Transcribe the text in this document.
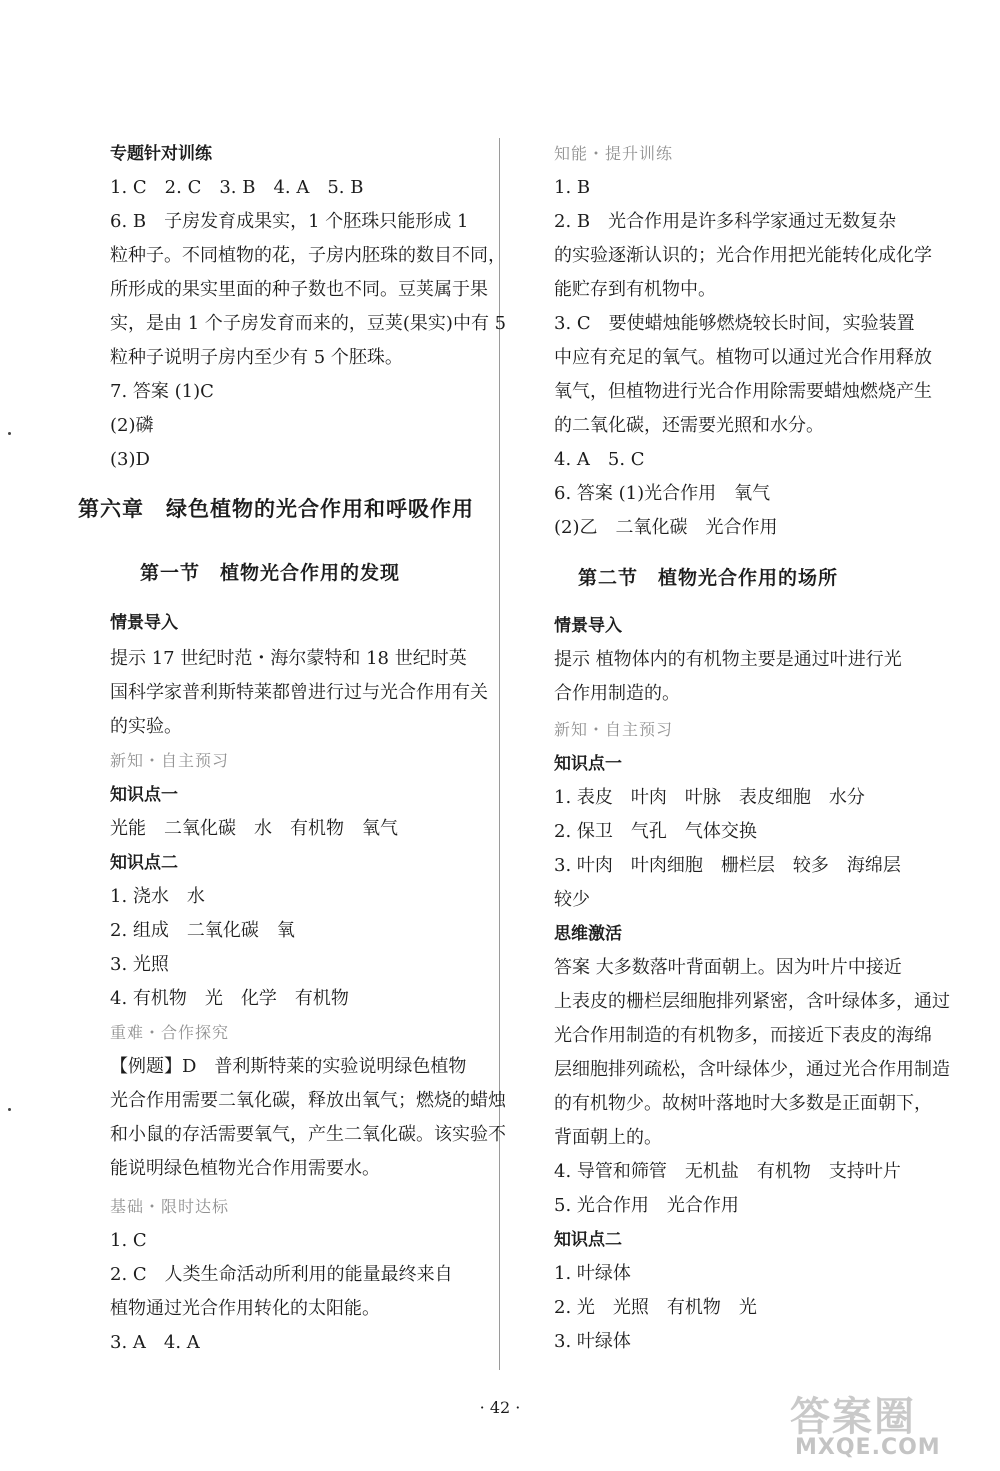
专题针对训练
1. C　2. C　3. B　4. A　5. B
6. B　子房发育成果实，1 个胚珠只能形成 1
粒种子。不同植物的花，子房内胚珠的数目不同，
所形成的果实里面的种子数也不同。豆荚属于果
实，是由 1 个子房发育而来的，豆荚(果实)中有 5
粒种子说明子房内至少有 5 个胚珠。
7. 答案 (1)C
(2)磷
(3)D
第六章　绿色植物的光合作用和呼吸作用
第一节　植物光合作用的发现
情景导入
提示 17 世纪时范・海尔蒙特和 18 世纪时英
国科学家普利斯特莱都曾进行过与光合作用有关
的实验。
新知・自主预习
知识点一
光能　二氧化碳　水　有机物　氧气
知识点二
1. 浇水　水
2. 组成　二氧化碳　氧
3. 光照
4. 有机物　光　化学　有机物
重难・合作探究
【例题】D　普利斯特莱的实验说明绿色植物
光合作用需要二氧化碳，释放出氧气；燃烧的蜡烛
和小鼠的存活需要氧气，产生二氧化碳。该实验不
能说明绿色植物光合作用需要水。
基础・限时达标
1. C
2. C　人类生命活动所利用的能量最终来自
植物通过光合作用转化的太阳能。
3. A　4. A
知能・提升训练
1. B
2. B　光合作用是许多科学家通过无数复杂
的实验逐渐认识的；光合作用把光能转化成化学
能贮存到有机物中。
3. C　要使蜡烛能够燃烧较长时间，实验装置
中应有充足的氧气。植物可以通过光合作用释放
氧气，但植物进行光合作用除需要蜡烛燃烧产生
的二氧化碳，还需要光照和水分。
4. A　5. C
6. 答案 (1)光合作用　氧气
(2)乙　二氧化碳　光合作用
第二节　植物光合作用的场所
情景导入
提示 植物体内的有机物主要是通过叶进行光
合作用制造的。
新知・自主预习
知识点一
1. 表皮　叶肉　叶脉　表皮细胞　水分
2. 保卫　气孔　气体交换
3. 叶肉　叶肉细胞　栅栏层　较多　海绵层
较少
思维激活
答案 大多数落叶背面朝上。因为叶片中接近
上表皮的栅栏层细胞排列紧密，含叶绿体多，通过
光合作用制造的有机物多，而接近下表皮的海绵
层细胞排列疏松，含叶绿体少，通过光合作用制造
的有机物少。故树叶落地时大多数是正面朝下，
背面朝上的。
4. 导管和筛管　无机盐　有机物　支持叶片
5. 光合作用　光合作用
知识点二
1. 叶绿体
2. 光　光照　有机物　光
3. 叶绿体
· 42 ·	答案圈
MXQE.COM
